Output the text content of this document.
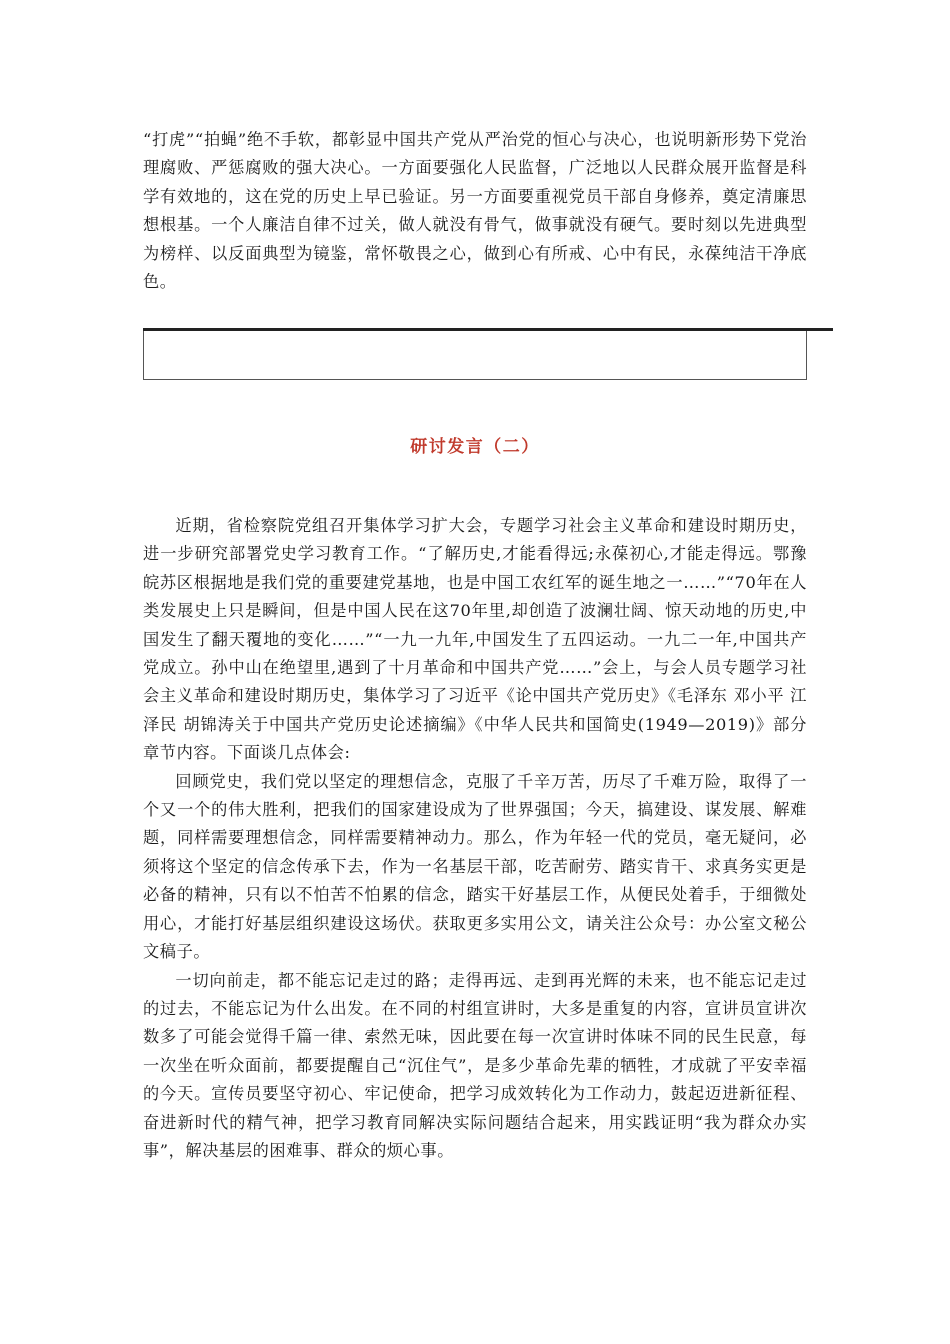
“打虎”“拍蝇”绝不手软，都彰显中国共产党从严治党的恒心与决心，也说明新形势下党治理腐败、严惩腐败的强大决心。一方面要强化人民监督，广泛地以人民群众展开监督是科学有效地的，这在党的历史上早已验证。另一方面要重视党员干部自身修养，奠定清廉思想根基。一个人廉洁自律不过关，做人就没有骨气，做事就没有硬气。要时刻以先进典型为榜样、以反面典型为镜鉴，常怀敬畏之心，做到心有所戒、心中有民，永葆纯洁干净底色。

研讨发言（二）

近期，省检察院党组召开集体学习扩大会，专题学习社会主义革命和建设时期历史，进一步研究部署党史学习教育工作。“了解历史,才能看得远;永葆初心,才能走得远。鄂豫皖苏区根据地是我们党的重要建党基地，也是中国工农红军的诞生地之一……”“70年在人类发展史上只是瞬间，但是中国人民在这70年里,却创造了波澜壮阔、惊天动地的历史,中国发生了翻天覆地的变化……”“一九一九年,中国发生了五四运动。一九二一年,中国共产党成立。孙中山在绝望里,遇到了十月革命和中国共产党……”会上，与会人员专题学习社会主义革命和建设时期历史，集体学习了习近平《论中国共产党历史》《毛泽东 邓小平 江泽民 胡锦涛关于中国共产党历史论述摘编》《中华人民共和国简史(1949—2019)》部分章节内容。下面谈几点体会:

回顾党史，我们党以坚定的理想信念，克服了千辛万苦，历尽了千难万险，取得了一个又一个的伟大胜利，把我们的国家建设成为了世界强国；今天，搞建设、谋发展、解难题，同样需要理想信念，同样需要精神动力。那么，作为年轻一代的党员，毫无疑问，必须将这个坚定的信念传承下去，作为一名基层干部，吃苦耐劳、踏实肯干、求真务实更是必备的精神，只有以不怕苦不怕累的信念，踏实干好基层工作，从便民处着手，于细微处用心，才能打好基层组织建设这场伏。获取更多实用公文，请关注公众号：办公室文秘公文稿子。

一切向前走，都不能忘记走过的路；走得再远、走到再光辉的未来，也不能忘记走过的过去，不能忘记为什么出发。在不同的村组宣讲时，大多是重复的内容，宣讲员宣讲次数多了可能会觉得千篇一律、索然无味，因此要在每一次宣讲时体味不同的民生民意，每一次坐在听众面前，都要提醒自己“沉住气”，是多少革命先辈的牺牲，才成就了平安幸福的今天。宣传员要坚守初心、牢记使命，把学习成效转化为工作动力，鼓起迈进新征程、奋进新时代的精气神，把学习教育同解决实际问题结合起来，用实践证明“我为群众办实事”，解决基层的困难事、群众的烦心事。
